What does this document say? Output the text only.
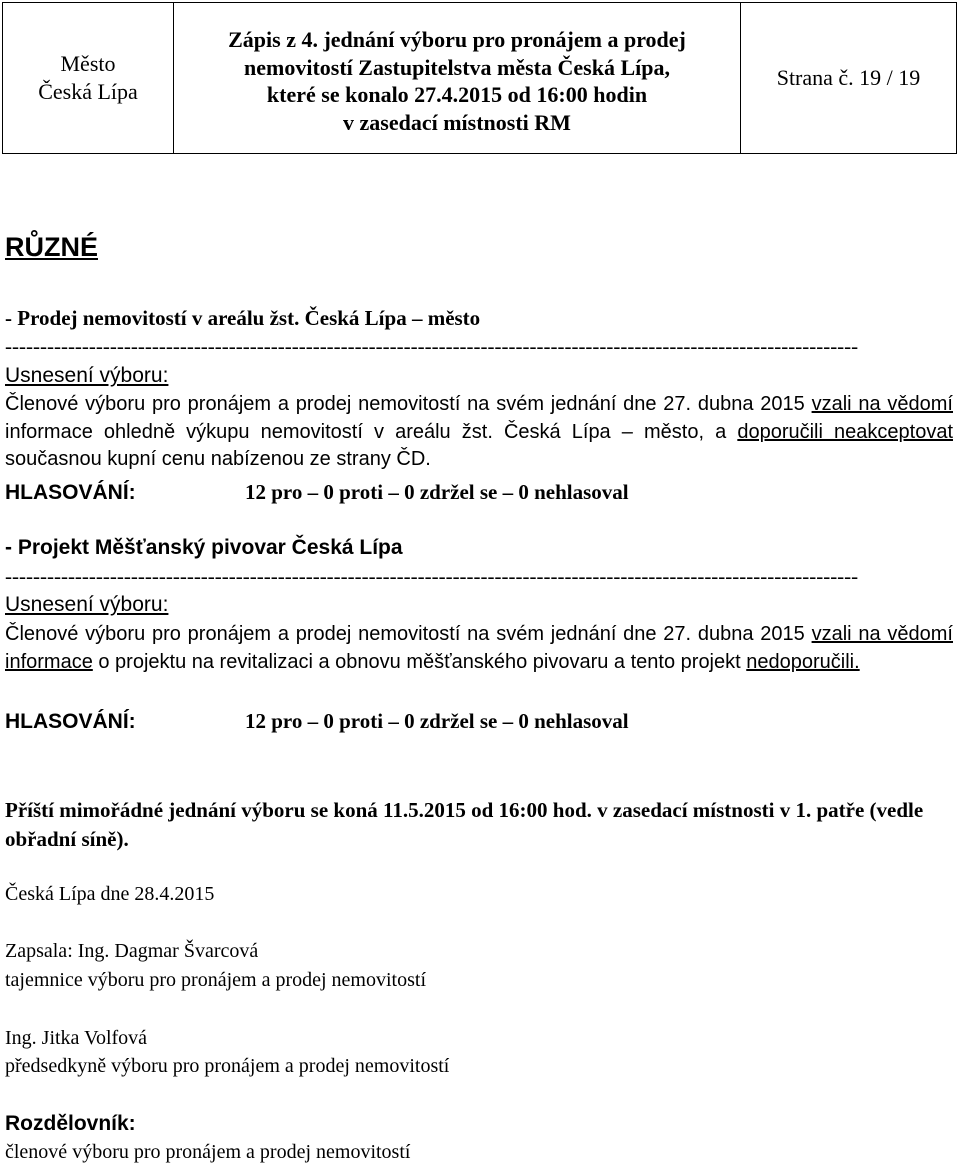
Město
Česká Lípa
Zápis z 4. jednání výboru pro pronájem a prodej
nemovitostí Zastupitelstva města Česká Lípa,
které se konalo 27.4.2015 od 16:00 hodin
v zasedací místnosti RM
Strana č. 19 / 19
RŮZNÉ
- Prodej nemovitostí v areálu žst. Česká Lípa – město
--------------------------------------------------------------------------------------------------------------------------
Usnesení výboru:
Členové výboru pro pronájem a prodej nemovitostí na svém jednání dne 27. dubna 2015 vzali na vědomí informace ohledně výkupu nemovitostí v areálu žst. Česká Lípa – město, a doporučili neakceptovat současnou kupní cenu nabízenou ze strany ČD.
HLASOVÁNÍ:	12 pro – 0 proti – 0 zdržel se – 0 nehlasoval
- Projekt Měšťanský pivovar Česká Lípa
--------------------------------------------------------------------------------------------------------------------------
Usnesení výboru:
Členové výboru pro pronájem a prodej nemovitostí na svém jednání dne 27. dubna 2015 vzali na vědomí informace o projektu na revitalizaci a obnovu měšťanského pivovaru a tento projekt nedoporučili.
HLASOVÁNÍ:	12 pro – 0 proti – 0 zdržel se – 0 nehlasoval
Příští mimořádné jednání výboru se koná 11.5.2015 od 16:00 hod. v zasedací místnosti v 1. patře (vedle obřadní síně).
Česká Lípa dne 28.4.2015
Zapsala: Ing. Dagmar Švarcová
tajemnice výboru pro pronájem a prodej nemovitostí
Ing. Jitka Volfová
předsedkyně výboru pro pronájem a prodej nemovitostí
Rozdělovník:
členové výboru pro pronájem a prodej nemovitostí
